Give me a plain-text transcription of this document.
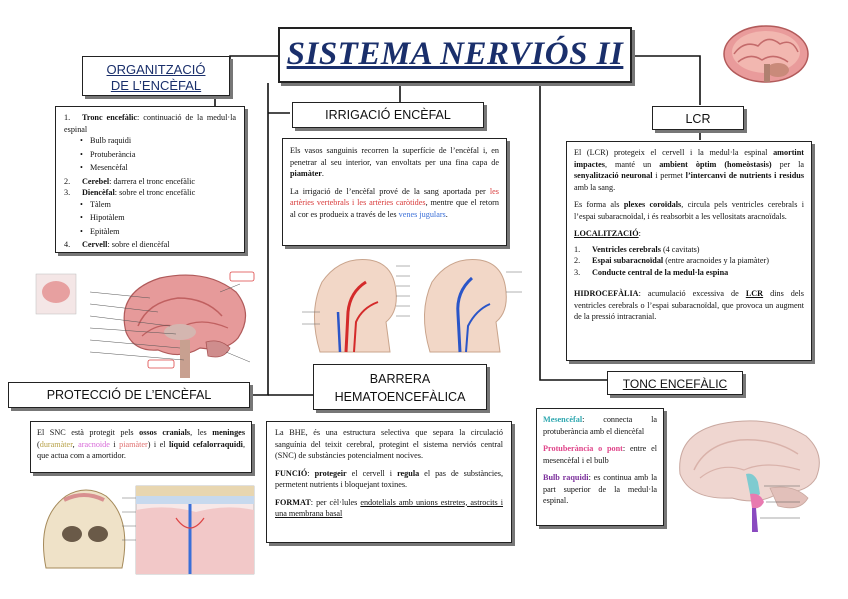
SISTEMA NERVIÓS II
ORGANITZACIÓ
DE L’ENCÈFAL
1. Tronc encefàlic: continuació de la medul·la espinal
• Bulb raquidi
• Protuberància
• Mesencèfal
2. Cerebel: darrera el tronc encefàlic
3. Diencèfal: sobre el tronc encefàlic
• Tàlem
• Hipotàlem
• Epitàlem
4. Cervell: sobre el diencèfal
IRRIGACIÓ ENCÈFAL

Els vasos sanguinis recorren la superfície de l’encèfal i, en penetrar al seu interior, van envoltats per una fina capa de piamàter.

La irrigació de l’encèfal prové de la sang aportada per les artèries vertebrals i les artèries caròtides, mentre que el retorn al cor es produeix a través de les venes jugulars.

LCR

El (LCR) protegeix el cervell i la medul·la espinal amortint impactes, manté un ambient òptim (homeòstasis) per la senyalització neuronal i permet l’intercanvi de nutrients i residus amb la sang.

Es forma als plexes coroïdals, circula pels ventricles cerebrals i l’espai subaracnoïdal, i és reabsorbit a les vellositats aracnoïdals.

LOCALITZACIÓ:

1. Ventricles cerebrals (4 cavitats)
2. Espai subaracnoïdal (entre aracnoides y la piamàter)
3. Conducte central de la medul·la espina

HIDROCEFÀLIA: acumulació excessiva de LCR dins dels ventricles cerebrals o l’espai subaracnoïdal, que provoca un augment de la pressió intracranial.

PROTECCIÓ DE L’ENCÈFAL
El SNC està protegit pels ossos cranials, les meninges (duramàter, aracnoide i piamàter) i el líquid cefalorraquidi, que actua com a amortidor.
BARRERA
HEMATOENCEFÀLICA

La BHE, és una estructura selectiva que separa la circulació sanguínia del teixit cerebral, protegint el sistema nerviós central (SNC) de substàncies potencialment nocives.

FUNCIÓ: protegeir el cervell i regula el pas de substàncies, permetent nutrients i bloquejant toxines.

FORMAT: per cèl·lules endotelials amb unions estretes, astrocits i una membrana basal

TONC ENCEFÀLIC

Mesencèfal: connecta la protuberància amb el diencèfal

Protuberància o pont: entre el mesencèfal i el bulb

Bulb raquidi: es continua amb la part superior de la medul·la espinal.
